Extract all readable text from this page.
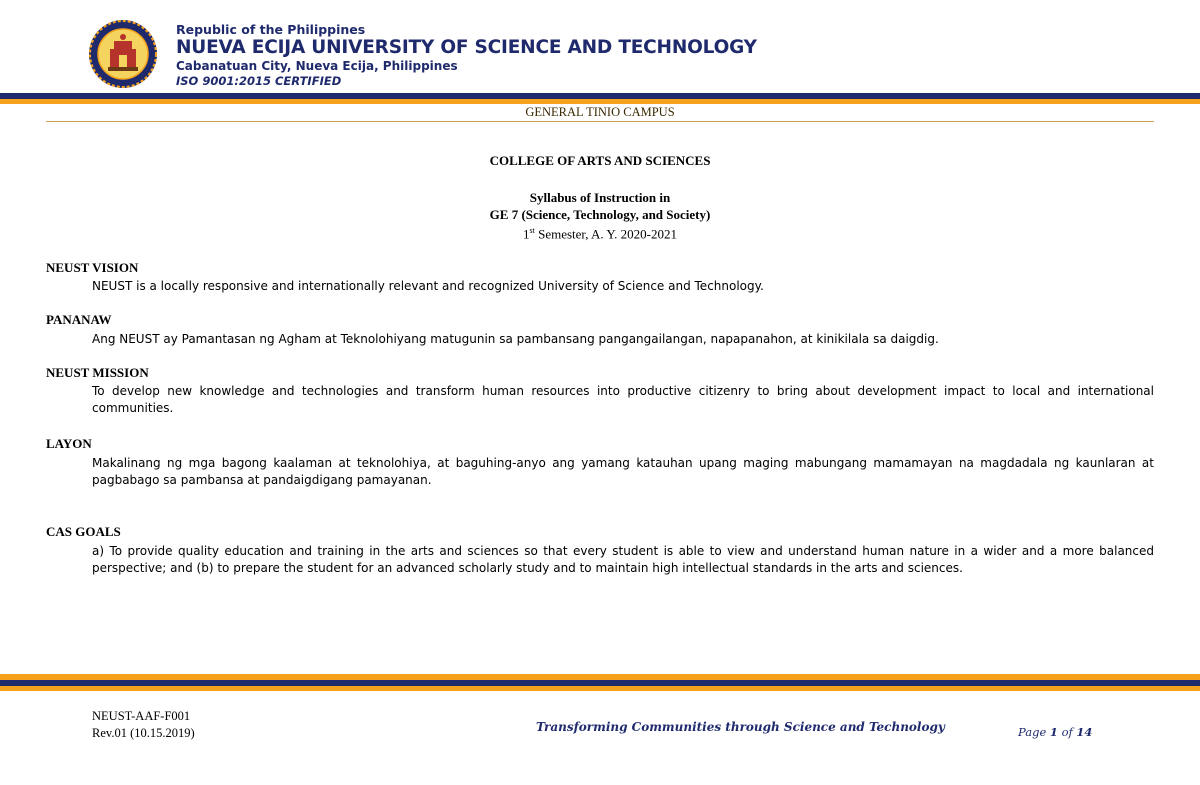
Republic of the Philippines
NUEVA ECIJA UNIVERSITY OF SCIENCE AND TECHNOLOGY
Cabanatuan City, Nueva Ecija, Philippines
ISO 9001:2015 CERTIFIED
GENERAL TINIO CAMPUS
COLLEGE OF ARTS AND SCIENCES
Syllabus of Instruction in
GE 7 (Science, Technology, and Society)
1st Semester, A. Y. 2020-2021
NEUST VISION
NEUST is a locally responsive and internationally relevant and recognized University of Science and Technology.
PANANAW
Ang NEUST ay Pamantasan ng Agham at Teknolohiyang matugunin sa pambansang pangangailangan, napapanahon, at kinikilala sa daigdig.
NEUST MISSION
To develop new knowledge and technologies and transform human resources into productive citizenry to bring about development impact to local and international communities.
LAYON
Makalinang ng mga bagong kaalaman at teknolohiya, at baguhing-anyo ang yamang katauhan upang maging mabungang mamamayan na magdadala ng kaunlaran at pagbabago sa pambansa at pandaigdigang pamayanan.
CAS GOALS
a) To provide quality education and training in the arts and sciences so that every student is able to view and understand human nature in a wider and a more balanced perspective; and (b) to prepare the student for an advanced scholarly study and to maintain high intellectual standards in the arts and sciences.
NEUST-AAF-F001
Rev.01 (10.15.2019)	Transforming Communities through Science and Technology	Page 1 of 14
